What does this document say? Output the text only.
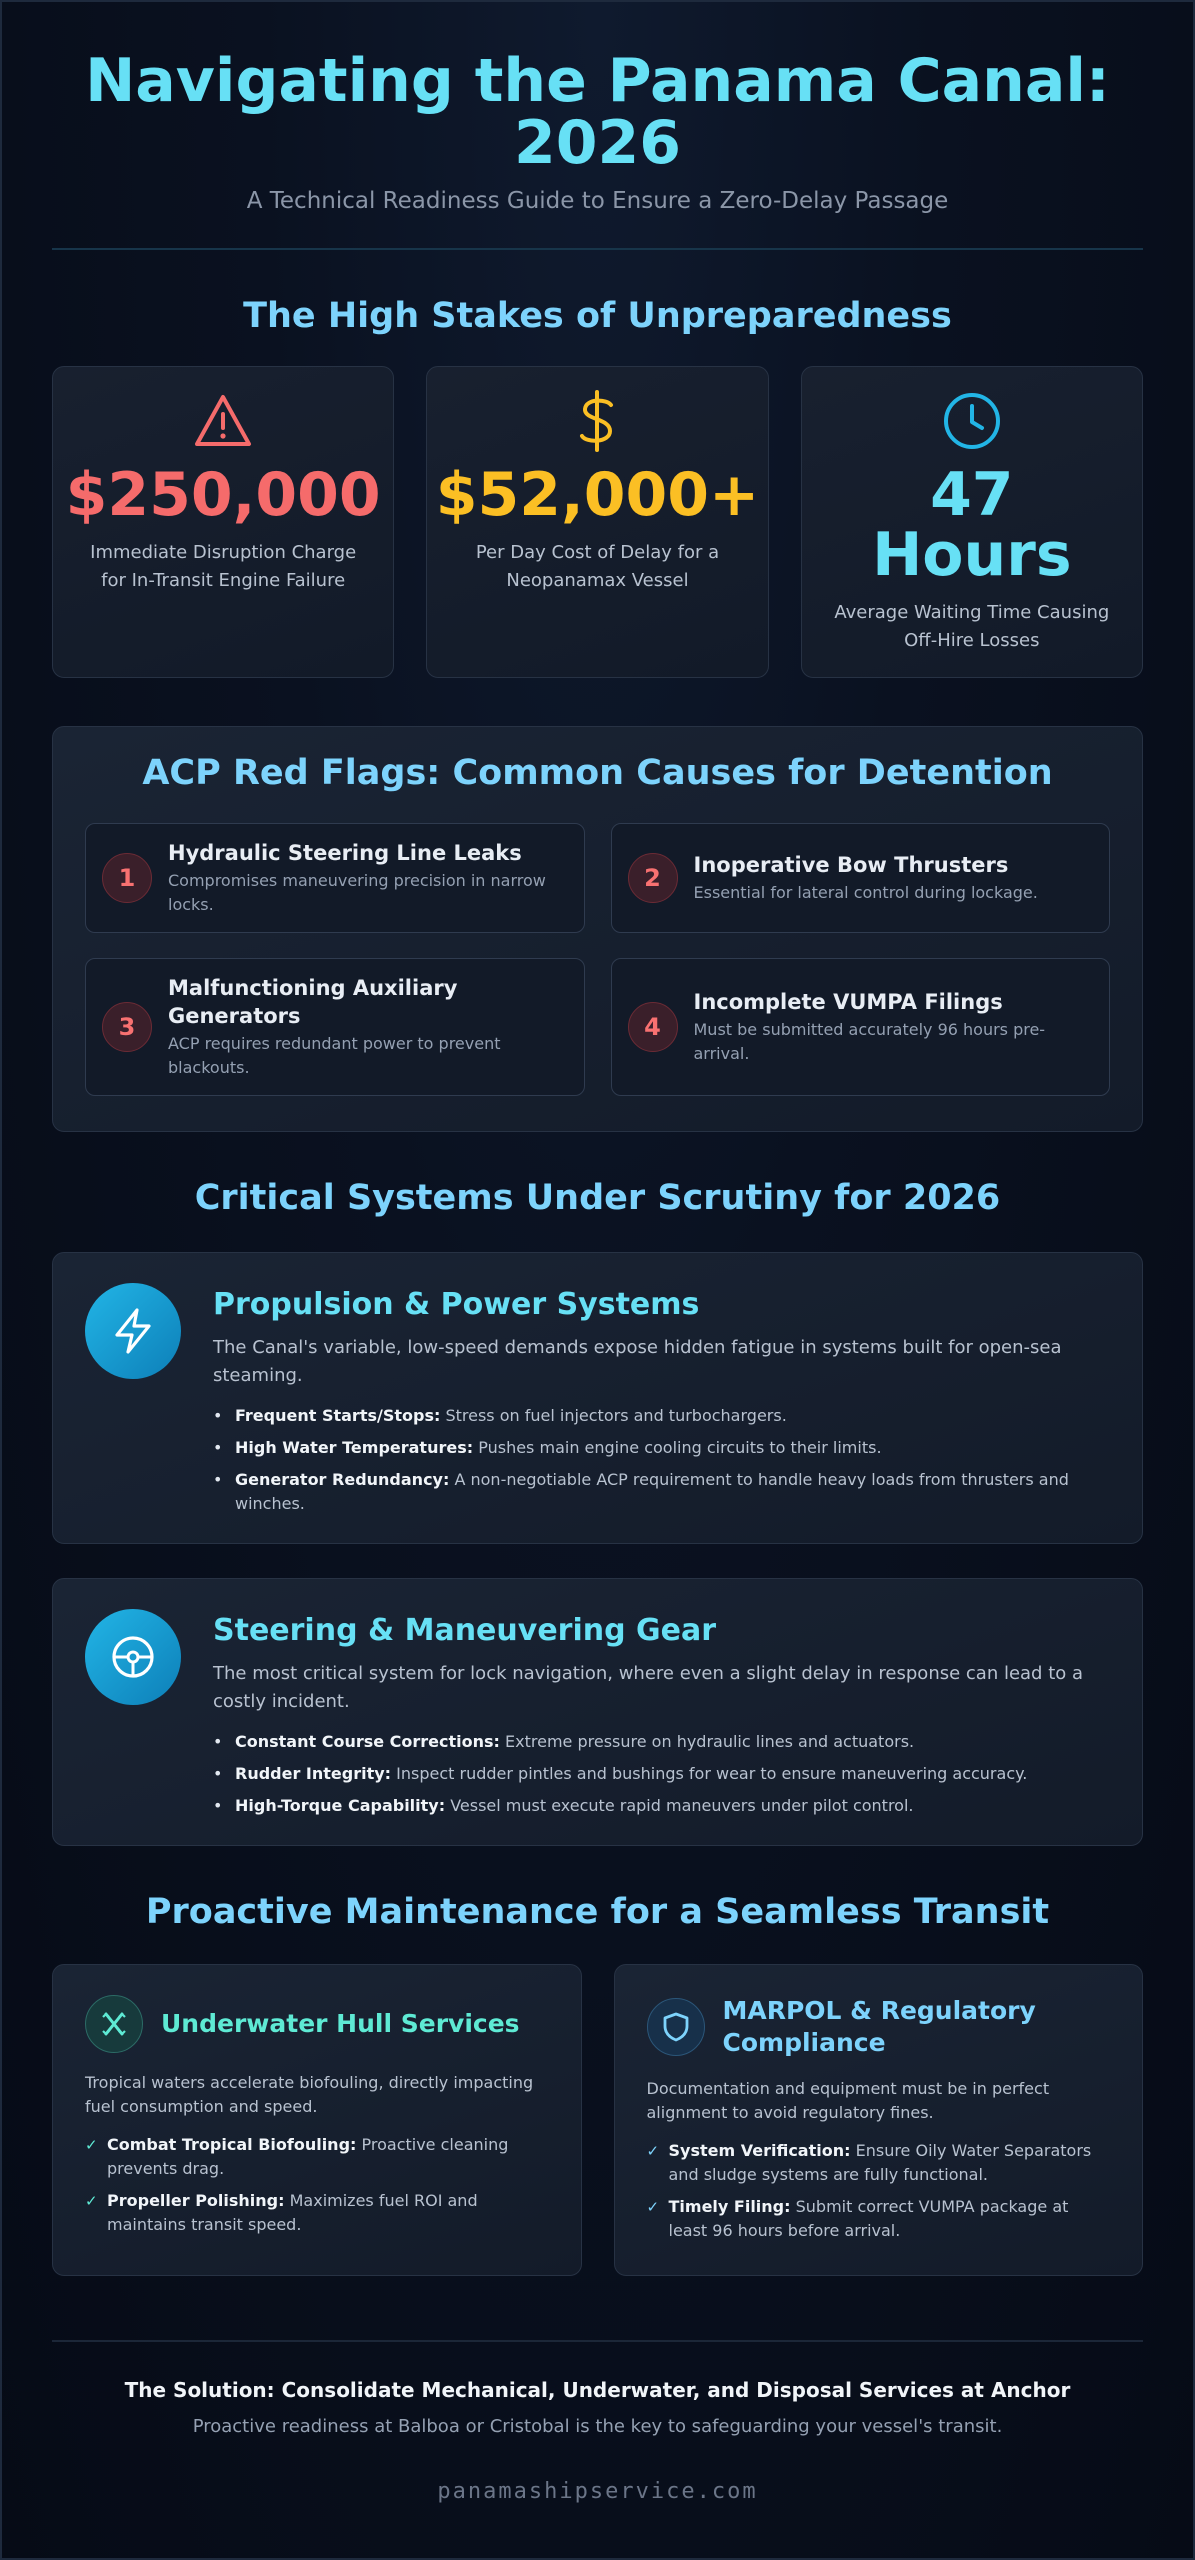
Navigating the Panama Canal:
2026
A Technical Readiness Guide to Ensure a Zero-Delay Passage
The High Stakes of Unpreparedness
$250,000
Immediate Disruption Charge for In-Transit Engine Failure
$52,000+
Per Day Cost of Delay for a Neopanamax Vessel
47 Hours
Average Waiting Time Causing Off-Hire Losses
ACP Red Flags: Common Causes for Detention
1
Hydraulic Steering Line Leaks
Compromises maneuvering precision in narrow locks.
2	Inoperative Bow Thrusters
Essential for lateral control during lockage.
3
Malfunctioning Auxiliary Generators
ACP requires redundant power to prevent blackouts.
4
Incomplete VUMPA Filings
Must be submitted accurately 96 hours pre-arrival.
Critical Systems Under Scrutiny for 2026
Propulsion & Power Systems
The Canal's variable, low-speed demands expose hidden fatigue in systems built for open-sea steaming.
• Frequent Starts/Stops: Stress on fuel injectors and turbochargers.
• High Water Temperatures: Pushes main engine cooling circuits to their limits.
• Generator Redundancy: A non-negotiable ACP requirement to handle heavy loads from thrusters and winches.
Steering & Maneuvering Gear
The most critical system for lock navigation, where even a slight delay in response can lead to a costly incident.
• Constant Course Corrections: Extreme pressure on hydraulic lines and actuators.
• Rudder Integrity: Inspect rudder pintles and bushings for wear to ensure maneuvering accuracy.
• High-Torque Capability: Vessel must execute rapid maneuvers under pilot control.
Proactive Maintenance for a Seamless Transit
Underwater Hull Services
Tropical waters accelerate biofouling, directly impacting fuel consumption and speed.
✓ Combat Tropical Biofouling: Proactive cleaning prevents drag.
✓ Propeller Polishing: Maximizes fuel ROI and maintains transit speed.
MARPOL & Regulatory Compliance
Documentation and equipment must be in perfect alignment to avoid regulatory fines.
✓ System Verification: Ensure Oily Water Separators and sludge systems are fully functional.
✓ Timely Filing: Submit correct VUMPA package at least 96 hours before arrival.
The Solution: Consolidate Mechanical, Underwater, and Disposal Services at Anchor
Proactive readiness at Balboa or Cristobal is the key to safeguarding your vessel's transit.
panamashipservice.com
